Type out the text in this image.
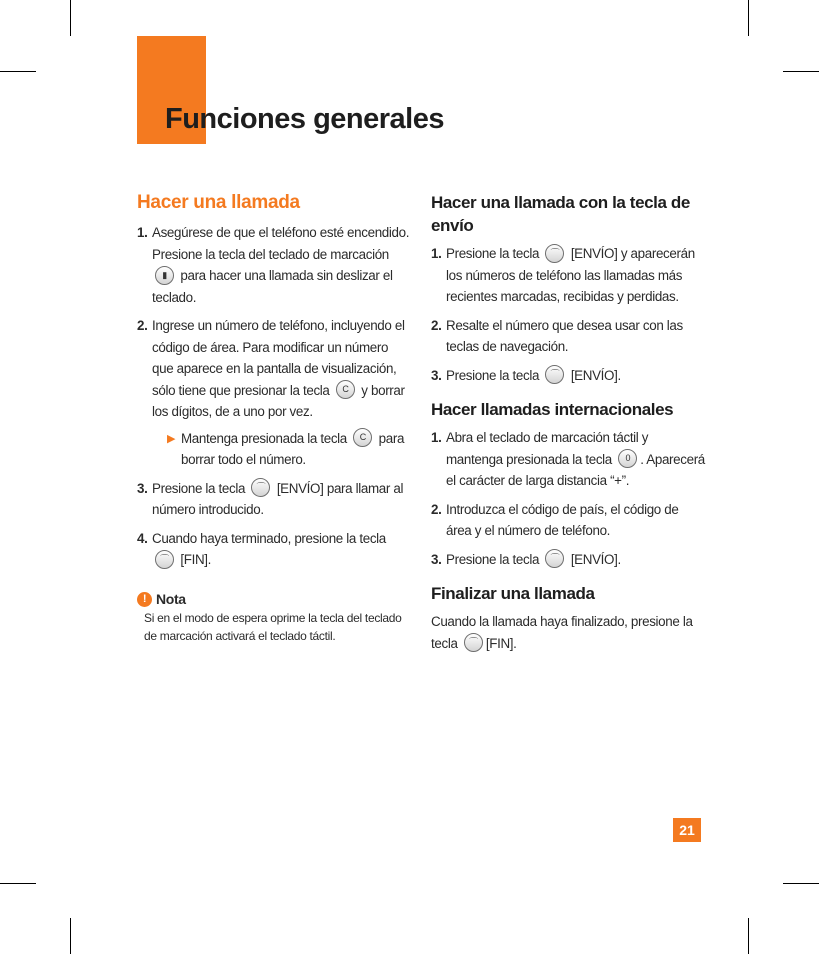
Funciones generales
Hacer una llamada
1. Asegúrese de que el teléfono esté encendido. Presione la tecla del teclado de marcación
▮	para hacer una llamada sin deslizar el teclado.
2. Ingrese un número de teléfono, incluyendo el código de área. Para modificar un número que aparece en la pantalla de visualización, sólo tiene que presionar la tecla	C y borrar los dígitos, de a uno por vez.
▶ Mantenga presionada la tecla	C para borrar todo el número.
3. Presione la tecla	⌒ [ENVÍO] para llamar al número introducido.
4. Cuando haya terminado, presione la tecla
⌒ [FIN].
! Nota
Si en el modo de espera oprime la tecla del teclado de marcación activará el teclado táctil.
Hacer una llamada con la tecla de envío
1. Presione la tecla	⌒ [ENVÍO] y aparecerán los números de teléfono las llamadas más recientes marcadas, recibidas y perdidas.
2. Resalte el número que desea usar con las teclas de navegación.
3. Presione la tecla	⌒ [ENVÍO].
Hacer llamadas internacionales
1. Abra el teclado de marcación táctil y mantenga presionada la tecla	0 . Aparecerá el carácter de larga distancia “+”.
2. Introduzca el código de país, el código de área y el número de teléfono.
3. Presione la tecla	⌒ [ENVÍO].
Finalizar una llamada

Cuando la llamada haya finalizado, presione la tecla	⌒ [FIN].

21
